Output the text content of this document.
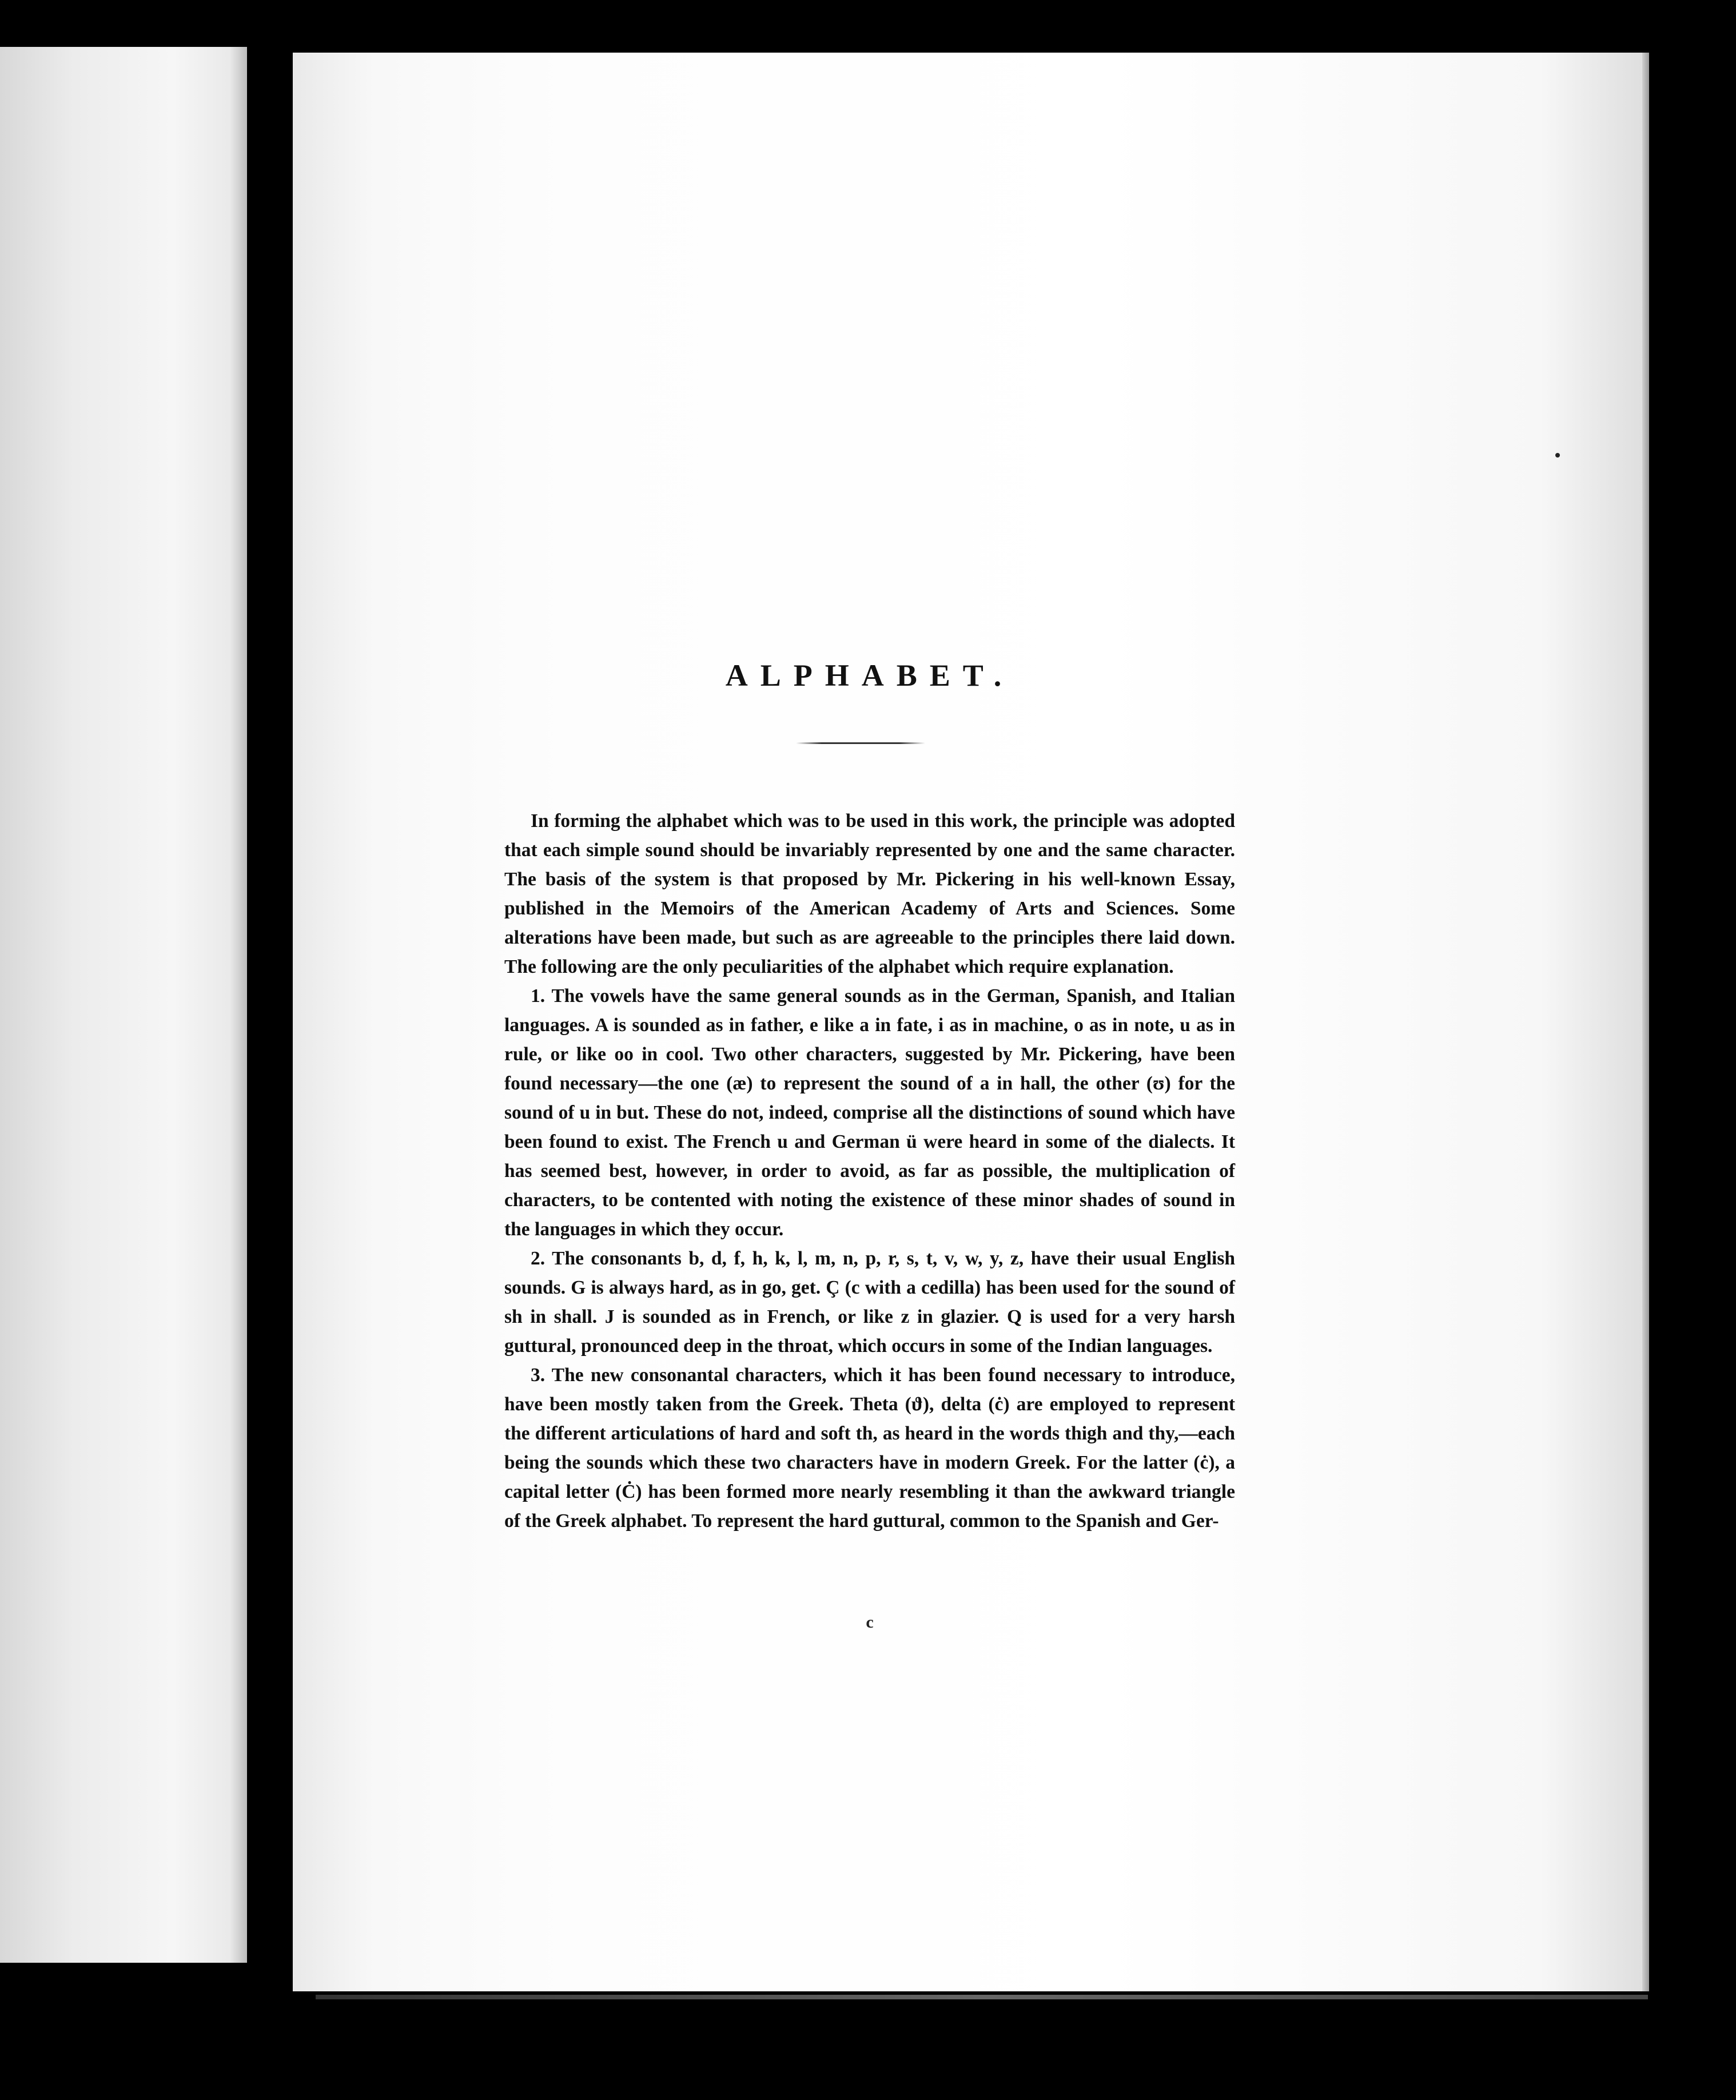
ALPHABET.

In forming the alphabet which was to be used in this work, the principle was adopted that each simple sound should be invariably represented by one and the same character. The basis of the system is that proposed by Mr. Pickering in his well-known Essay, published in the Memoirs of the American Academy of Arts and Sciences. Some alterations have been made, but such as are agreeable to the principles there laid down. The following are the only peculiarities of the alphabet which require explanation.

1. The vowels have the same general sounds as in the German, Spanish, and Italian languages. A is sounded as in father, e like a in fate, i as in machine, o as in note, u as in rule, or like oo in cool. Two other characters, suggested by Mr. Pickering, have been found necessary—the one (æ) to represent the sound of a in hall, the other (ʊ) for the sound of u in but. These do not, indeed, comprise all the distinctions of sound which have been found to exist. The French u and German ü were heard in some of the dialects. It has seemed best, however, in order to avoid, as far as possible, the multiplication of characters, to be contented with noting the existence of these minor shades of sound in the languages in which they occur.

2. The consonants b, d, f, h, k, l, m, n, p, r, s, t, v, w, y, z, have their usual English sounds. G is always hard, as in go, get. Ç (c with a cedilla) has been used for the sound of sh in shall. J is sounded as in French, or like z in glazier. Q is used for a very harsh guttural, pronounced deep in the throat, which occurs in some of the Indian languages.

3. The new consonantal characters, which it has been found necessary to introduce, have been mostly taken from the Greek. Theta (ϑ), delta (ċ) are employed to represent the different articulations of hard and soft th, as heard in the words thigh and thy,—each being the sounds which these two characters have in modern Greek. For the latter (ċ), a capital letter (Ċ) has been formed more nearly resembling it than the awkward triangle of the Greek alphabet. To represent the hard guttural, common to the Spanish and Ger-

c
